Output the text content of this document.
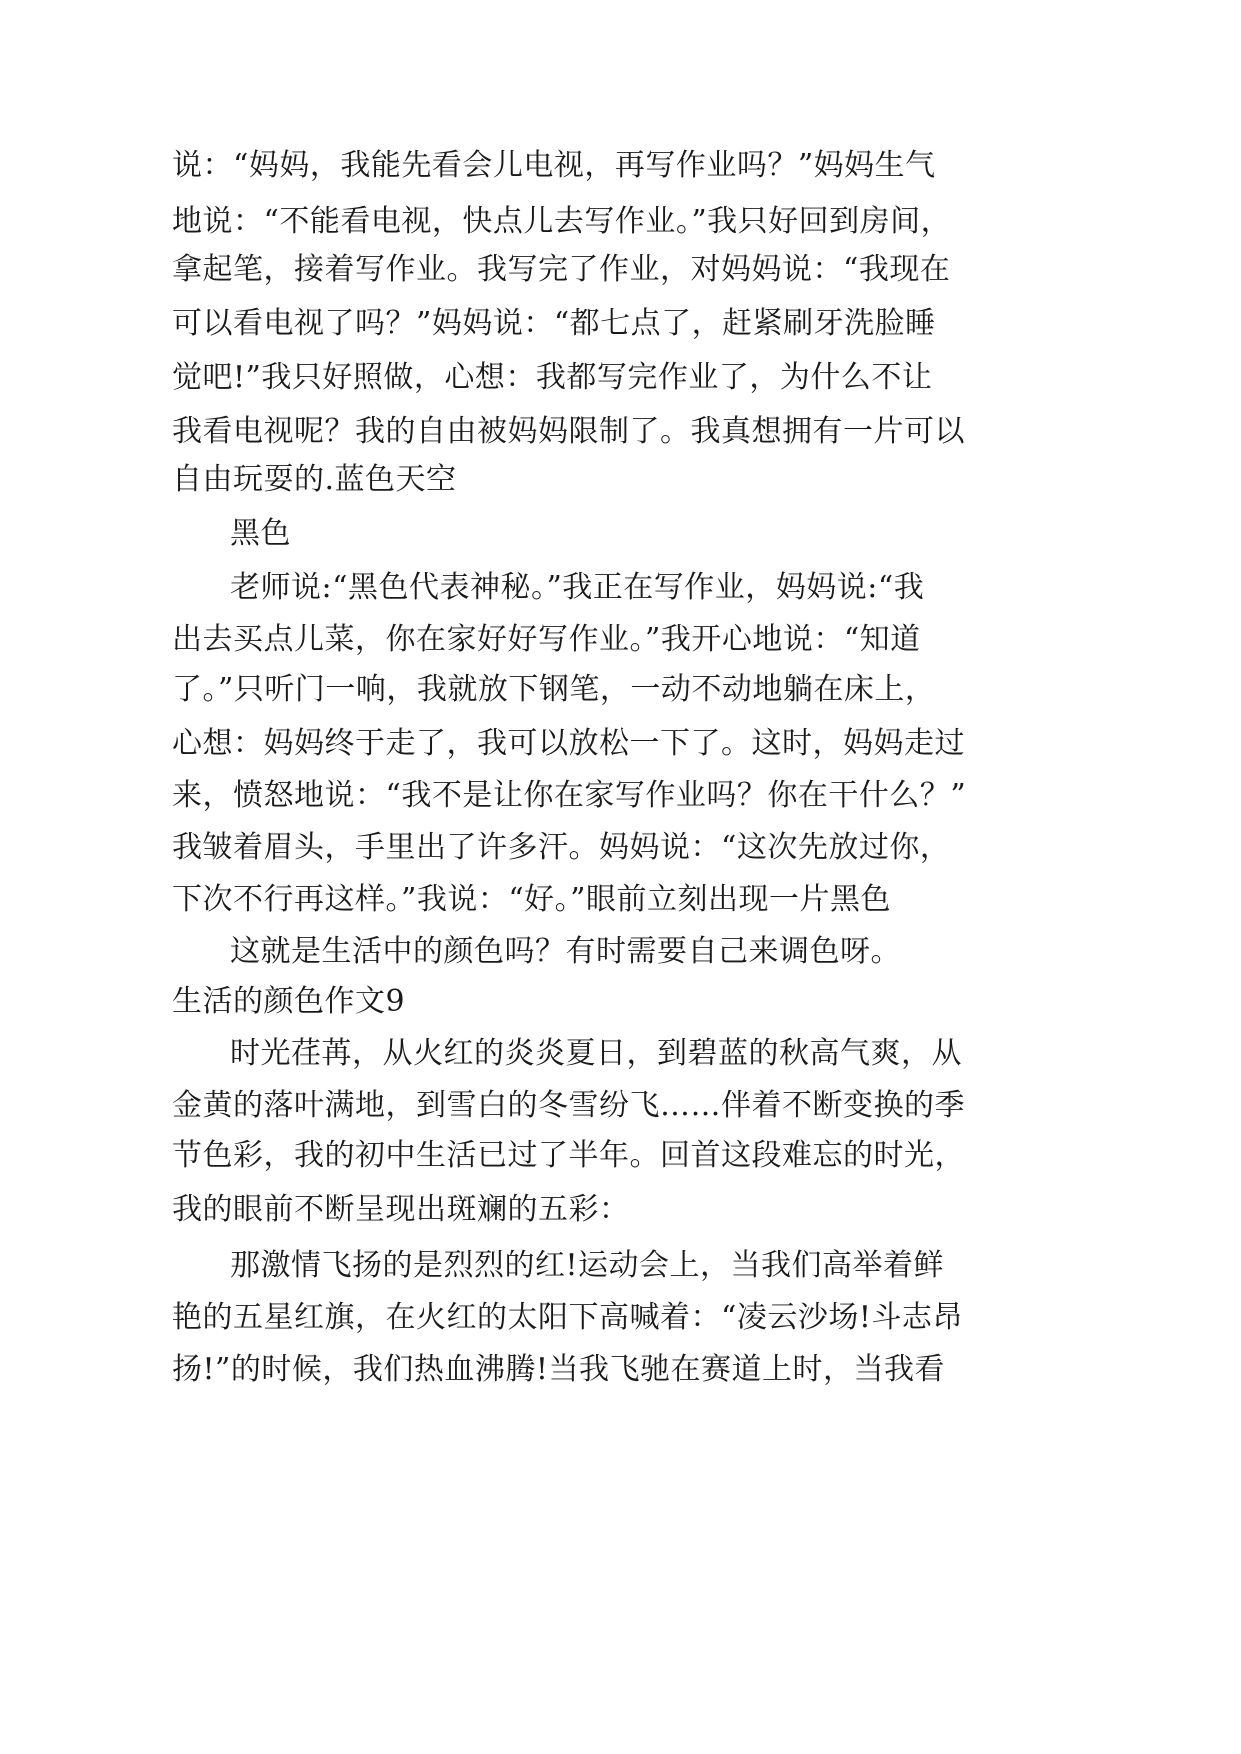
说：“妈妈，我能先看会儿电视，再写作业吗？”妈妈生气
地说：“不能看电视，快点儿去写作业。”我只好回到房间，
拿起笔，接着写作业。我写完了作业，对妈妈说：“我现在
可以看电视了吗？”妈妈说：“都七点了，赶紧刷牙洗脸睡
觉吧!”我只好照做，心想：我都写完作业了，为什么不让
我看电视呢？我的自由被妈妈限制了。我真想拥有一片可以
自由玩耍的.蓝色天空
黑色
老师说:“黑色代表神秘。”我正在写作业，妈妈说:“我
出去买点儿菜，你在家好好写作业。”我开心地说：“知道
了。”只听门一响，我就放下钢笔，一动不动地躺在床上，
心想：妈妈终于走了，我可以放松一下了。这时，妈妈走过
来，愤怒地说：“我不是让你在家写作业吗？你在干什么？”
我皱着眉头，手里出了许多汗。妈妈说：“这次先放过你，
下次不行再这样。”我说：“好。”眼前立刻出现一片黑色
这就是生活中的颜色吗？有时需要自己来调色呀。
生活的颜色作文9
时光荏苒，从火红的炎炎夏日，到碧蓝的秋高气爽，从
金黄的落叶满地，到雪白的冬雪纷飞……伴着不断变换的季
节色彩，我的初中生活已过了半年。回首这段难忘的时光，
我的眼前不断呈现出斑斓的五彩：
那激情飞扬的是烈烈的红!运动会上，当我们高举着鲜
艳的五星红旗，在火红的太阳下高喊着：“凌云沙场!斗志昂
扬!”的时候，我们热血沸腾!当我飞驰在赛道上时，当我看
